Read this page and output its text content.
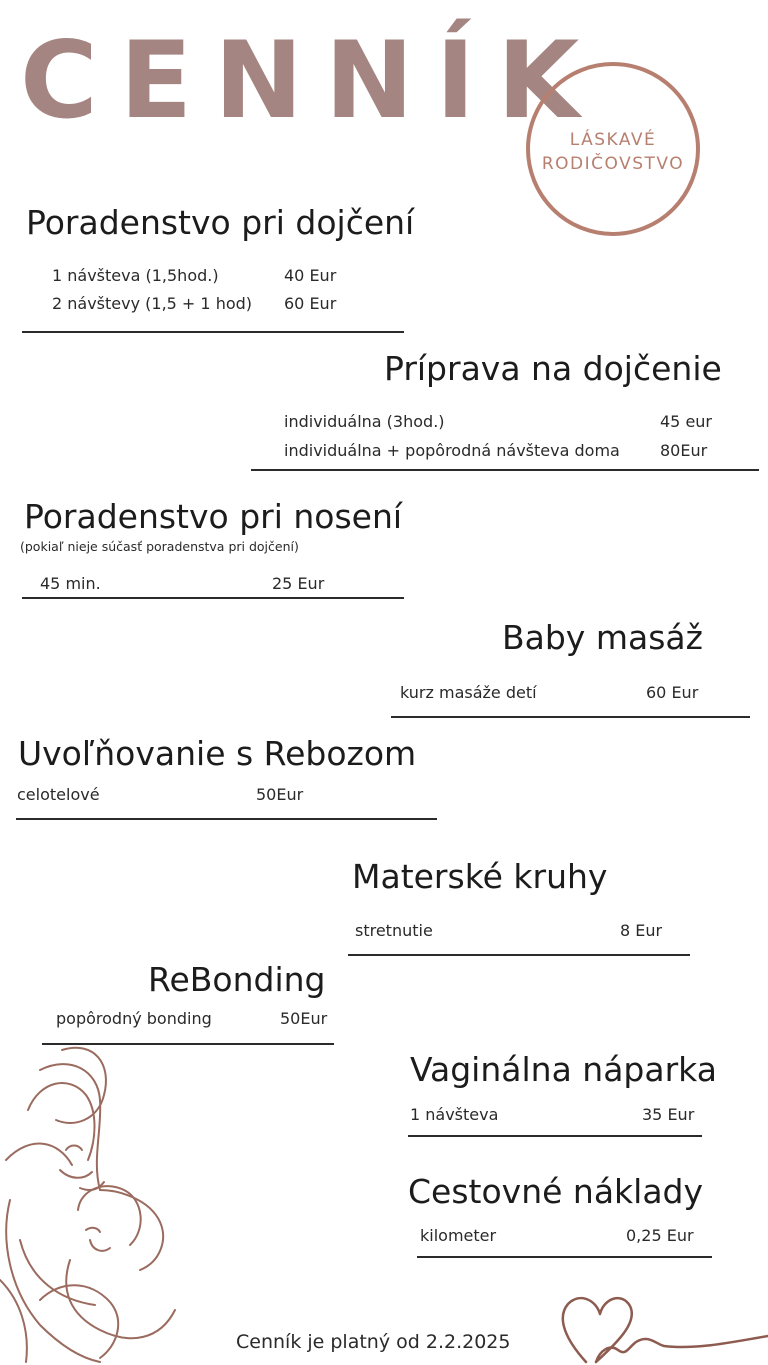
CENNÍK
LÁSKAVÉ
RODIČOVSTVO
Poradenstvo pri dojčení
1 návšteva (1,5hod.)	40 Eur
2 návštevy (1,5 + 1 hod) 60 Eur
Príprava na dojčenie
individuálna (3hod.)	45 eur
individuálna + popôrodná návšteva doma	80Eur
Poradenstvo pri nosení
(pokiaľ nieje súčasť poradenstva pri dojčení)
45 min.	25 Eur
Baby masáž
kurz masáže detí	60 Eur
Uvoľňovanie s Rebozom
celotelové	50Eur
Materské kruhy
stretnutie	8 Eur
ReBonding
popôrodný bonding	50Eur
Vaginálna náparka
1 návšteva	35 Eur
Cestovné náklady
kilometer	0,25 Eur
Cenník je platný od 2.2.2025
